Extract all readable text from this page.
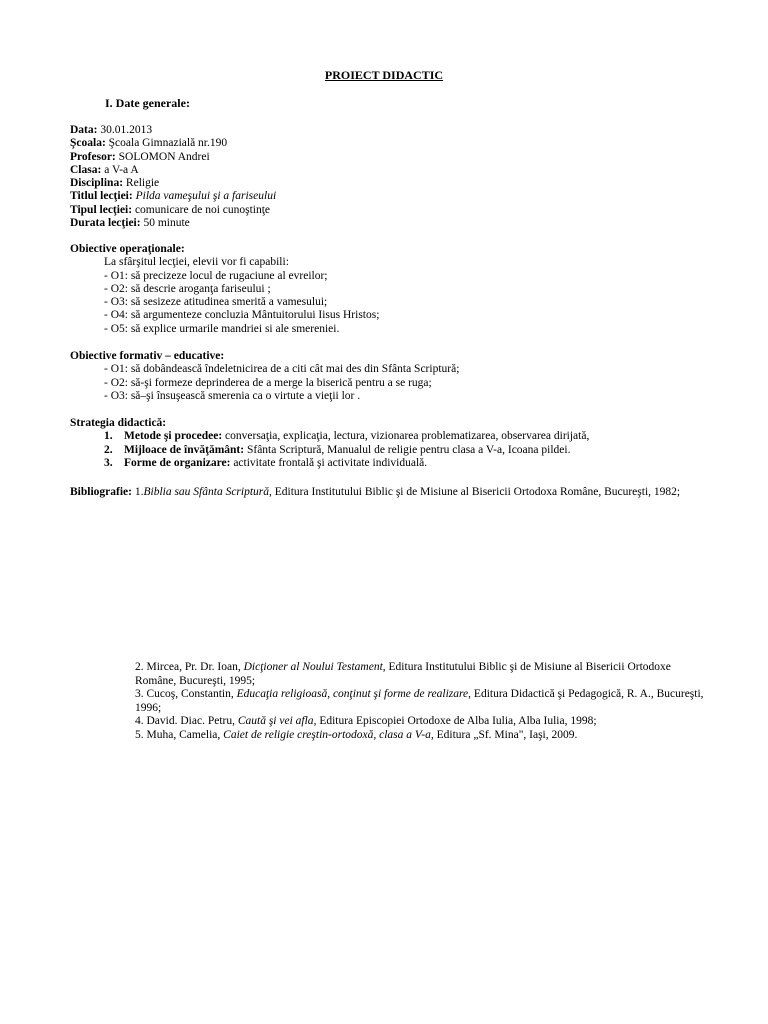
PROIECT DIDACTIC
I. Date generale:
Data: 30.01.2013
Şcoala: Şcoala Gimnazială nr.190
Profesor: SOLOMON Andrei
Clasa: a V-a A
Disciplina: Religie
Titlul lecţiei: Pilda vameşului şi a fariseului
Tipul lecţiei: comunicare de noi cunoştinţe
Durata lecţiei: 50 minute
Obiective operaţionale:
La sfârşitul lecţiei, elevii vor fi capabili:
- O1: să precizeze locul de rugaciune al evreilor;
- O2: să descrie aroganţa fariseului ;
- O3: să sesizeze atitudinea smerită a vamesului;
- O4: să argumenteze concluzia Mântuitorului Iisus Hristos;
- O5: să explice urmarile mandriei si ale smereniei.
Obiective formativ – educative:
- O1: să dobândească îndeletnicirea de a citi cât mai des din Sfânta Scriptură;
- O2: să-şi formeze deprinderea de a merge la biserică pentru a se ruga;
- O3: să–şi însuşească smerenia ca o virtute a vieţii lor .
Strategia didactică:
1. Metode şi procedee: conversaţia, explicaţia, lectura, vizionarea problematizarea, observarea dirijată,
2. Mijloace de învăţământ: Sfânta Scriptură, Manualul de religie pentru clasa a V-a, Icoana pildei.
3. Forme de organizare: activitate frontală şi activitate individuală.
Bibliografie: 1.Biblia sau Sfânta Scriptură, Editura Institutului Biblic şi de Misiune al Bisericii Ortodoxa Române, Bucureşti, 1982;
2. Mircea, Pr. Dr. Ioan, Dicţioner al Noului Testament, Editura Institutului Biblic şi de Misiune al Bisericii Ortodoxe Române, Bucureşti, 1995;
3. Cucoş, Constantin, Educaţia religioasă, conţinut şi forme de realizare, Editura Didactică şi Pedagogică, R. A., Bucureşti, 1996;
4. David. Diac. Petru, Caută şi vei afla, Editura Episcopiei Ortodoxe de Alba Iulia, Alba Iulia, 1998;
5. Muha, Camelia, Caiet de religie creştin-ortodoxă, clasa a V-a, Editura „Sf. Mina", Iaşi, 2009.
